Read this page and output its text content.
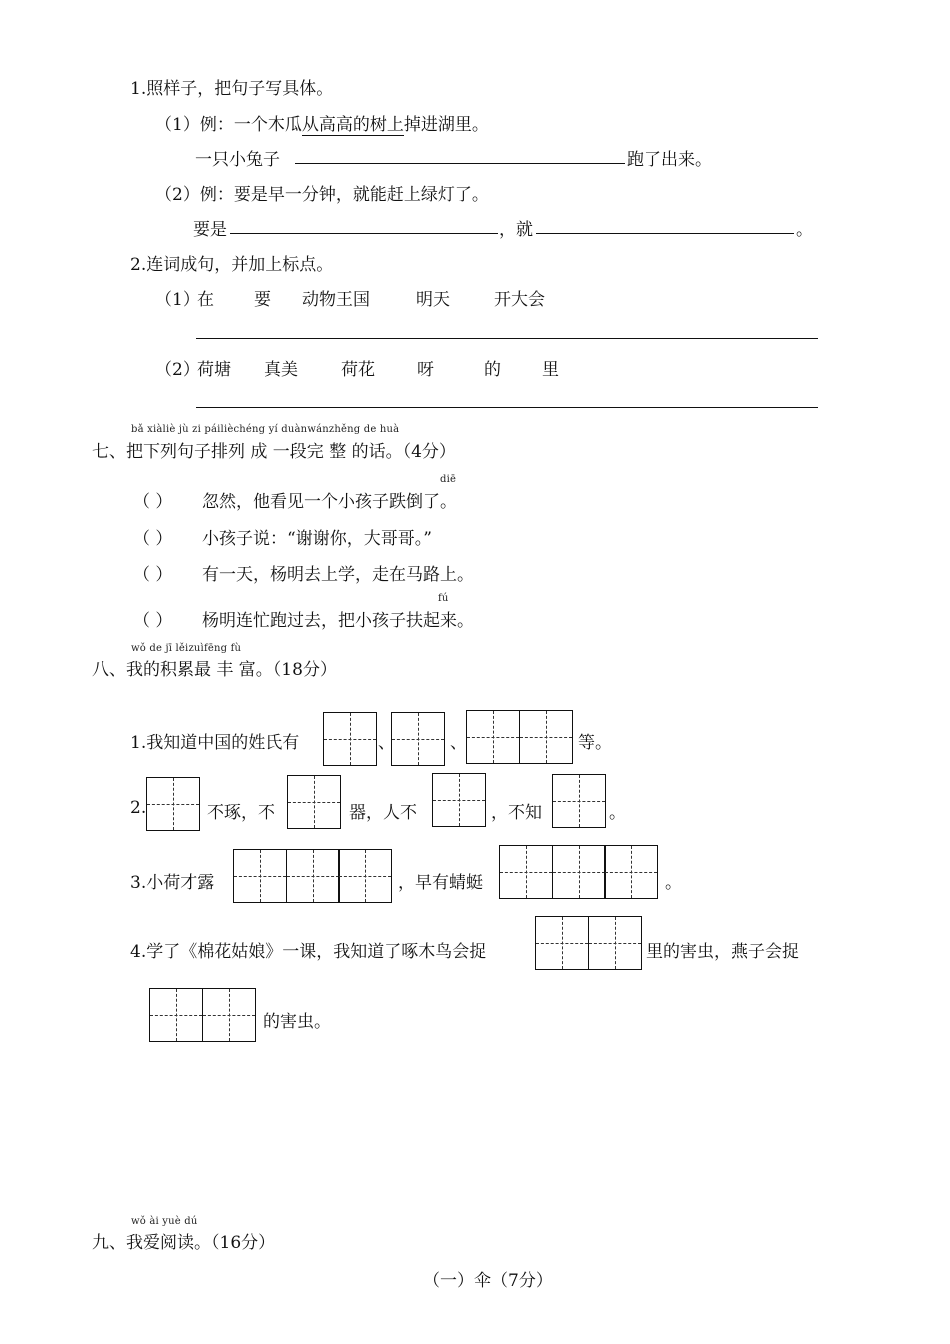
1.照样子，把句子写具体。
（1）例：一个木瓜从高高的树上掉进湖里。
一只小兔子	跑了出来。
（2）例：要是早一分钟，就能赶上绿灯了。
要是	，就	。
2.连词成句，并加上标点。
（1）
在 要 动物王国	明天	开大会
（2）
荷塘 真美	荷花 呀	的 里
bǎ xiàliè jù zi páilièchéng yí duànwánzhěng de huà
七、把下列句子排列 成 一段完 整 的话。（4分）
diē
（ ） 忽然，他看见一个小孩子跌倒了。
（ ） 小孩子说：“谢谢你，大哥哥。”
（ ） 有一天，杨明去上学，走在马路上。
fú
（ ） 杨明连忙跑过去，把小孩子扶起来。
wǒ de jī lěizuìfēng fù
八、我的积累最 丰 富。（18分）
1.我知道中国的姓氏有	、	、	等。
2.	不琢，不	器，人不	，不知	。
3.小荷才露	，早有蜻蜓	。
4.学了《棉花姑娘》一课，我知道了啄木鸟会捉	里的害虫，燕子会捉
的害虫。
wǒ ài yuè dú
九、我爱阅读。（16分）
（一）伞（7分）
